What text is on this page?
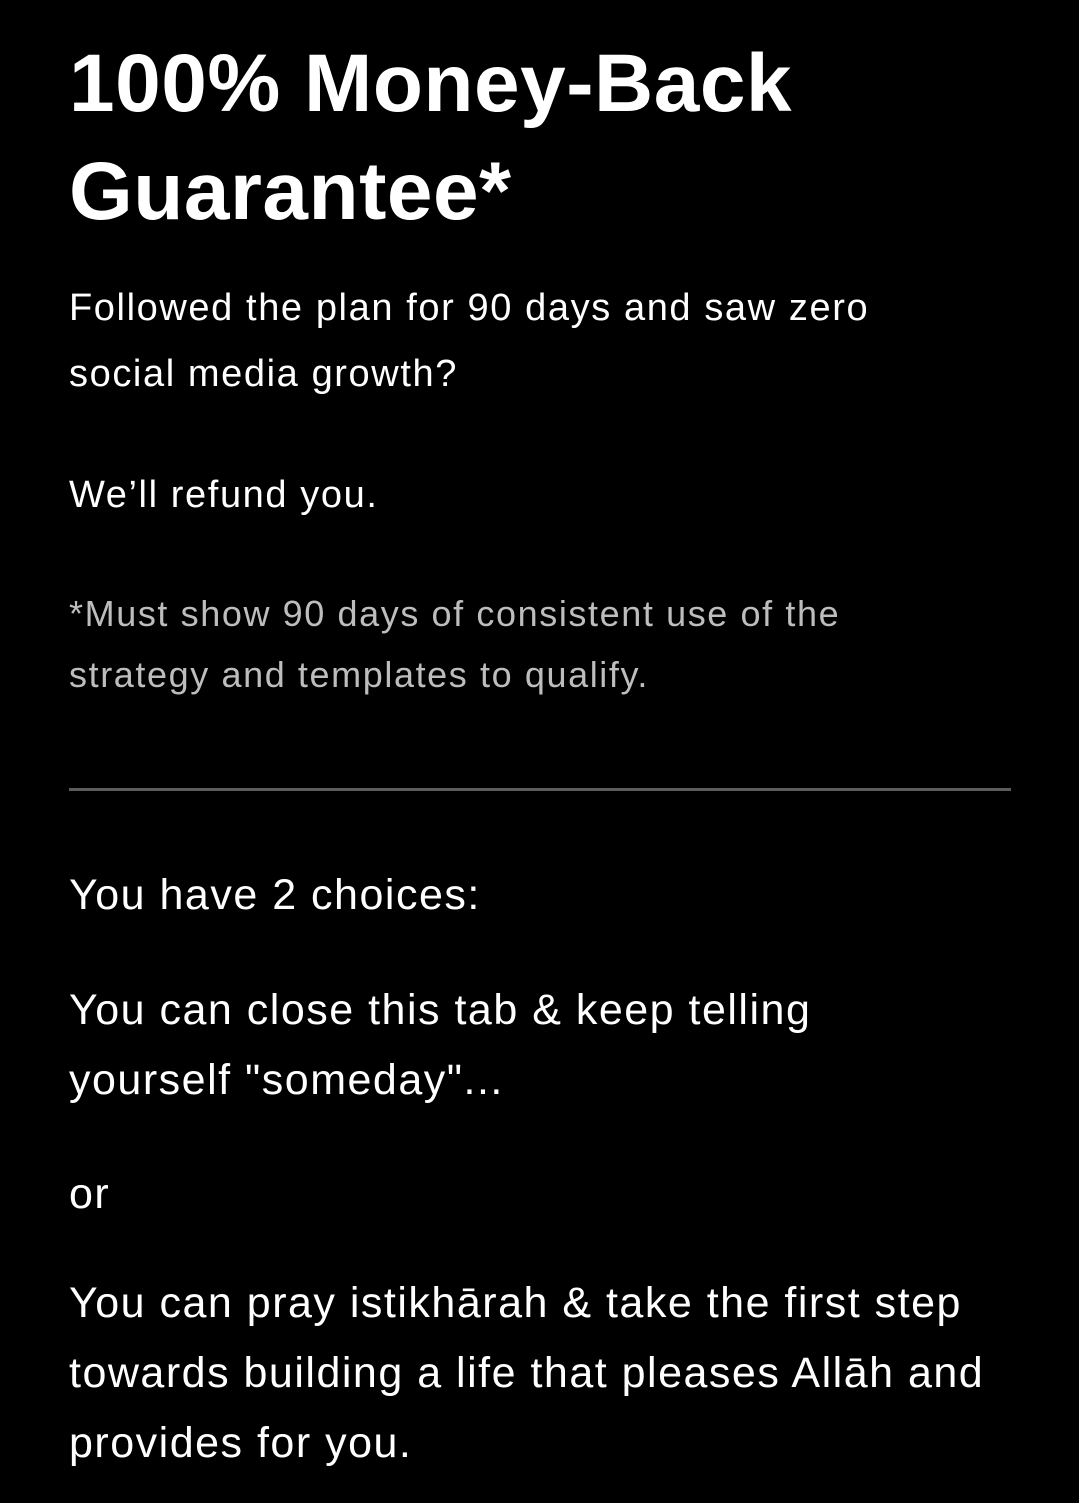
100% Money-Back Guarantee*

Followed the plan for 90 days and saw zero social media growth?

We’ll refund you.

*Must show 90 days of consistent use of the strategy and templates to qualify.

You have 2 choices:

You can close this tab & keep telling yourself "someday"...

or

You can pray istikhārah & take the first step towards building a life that pleases Allāh and provides for you.
